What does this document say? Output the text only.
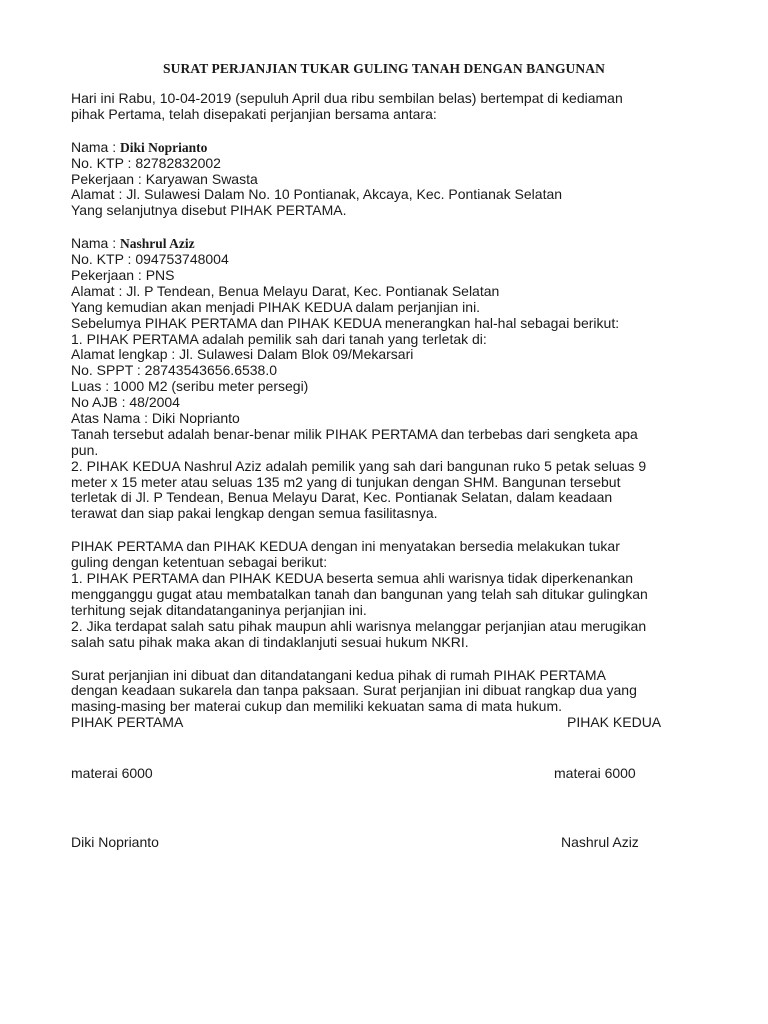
SURAT PERJANJIAN TUKAR GULING TANAH DENGAN BANGUNAN
Hari ini Rabu, 10-04-2019 (sepuluh April dua ribu sembilan belas) bertempat di kediaman
pihak Pertama, telah disepakati perjanjian bersama antara:
Nama : Diki Noprianto
No. KTP : 82782832002
Pekerjaan : Karyawan Swasta
Alamat : Jl. Sulawesi Dalam No. 10 Pontianak, Akcaya, Kec. Pontianak Selatan
Yang selanjutnya disebut PIHAK PERTAMA.
Nama : Nashrul Aziz
No. KTP : 094753748004
Pekerjaan : PNS
Alamat : Jl. P Tendean, Benua Melayu Darat, Kec. Pontianak Selatan
Yang kemudian akan menjadi PIHAK KEDUA dalam perjanjian ini.
Sebelumya PIHAK PERTAMA dan PIHAK KEDUA menerangkan hal-hal sebagai berikut:
1. PIHAK PERTAMA adalah pemilik sah dari tanah yang terletak di:
Alamat lengkap : Jl. Sulawesi Dalam Blok 09/Mekarsari
No. SPPT : 28743543656.6538.0
Luas : 1000 M2 (seribu meter persegi)
No AJB : 48/2004
Atas Nama : Diki Noprianto
Tanah tersebut adalah benar-benar milik PIHAK PERTAMA dan terbebas dari sengketa apa
pun.
2. PIHAK KEDUA Nashrul Aziz adalah pemilik yang sah dari bangunan ruko 5 petak seluas 9
meter x 15 meter atau seluas 135 m2 yang di tunjukan dengan SHM. Bangunan tersebut
terletak di Jl. P Tendean, Benua Melayu Darat, Kec. Pontianak Selatan, dalam keadaan
terawat dan siap pakai lengkap dengan semua fasilitasnya.
PIHAK PERTAMA dan PIHAK KEDUA dengan ini menyatakan bersedia melakukan tukar
guling dengan ketentuan sebagai berikut:
1. PIHAK PERTAMA dan PIHAK KEDUA beserta semua ahli warisnya tidak diperkenankan
mengganggu gugat atau membatalkan tanah dan bangunan yang telah sah ditukar gulingkan
terhitung sejak ditandatanganinya perjanjian ini.
2. Jika terdapat salah satu pihak maupun ahli warisnya melanggar perjanjian atau merugikan
salah satu pihak maka akan di tindaklanjuti sesuai hukum NKRI.
Surat perjanjian ini dibuat dan ditandatangani kedua pihak di rumah PIHAK PERTAMA
dengan keadaan sukarela dan tanpa paksaan. Surat perjanjian ini dibuat rangkap dua yang
masing-masing ber materai cukup dan memiliki kekuatan sama di mata hukum.
PIHAK PERTAMA	PIHAK KEDUA
materai 6000	materai 6000
Diki Noprianto	Nashrul Aziz
